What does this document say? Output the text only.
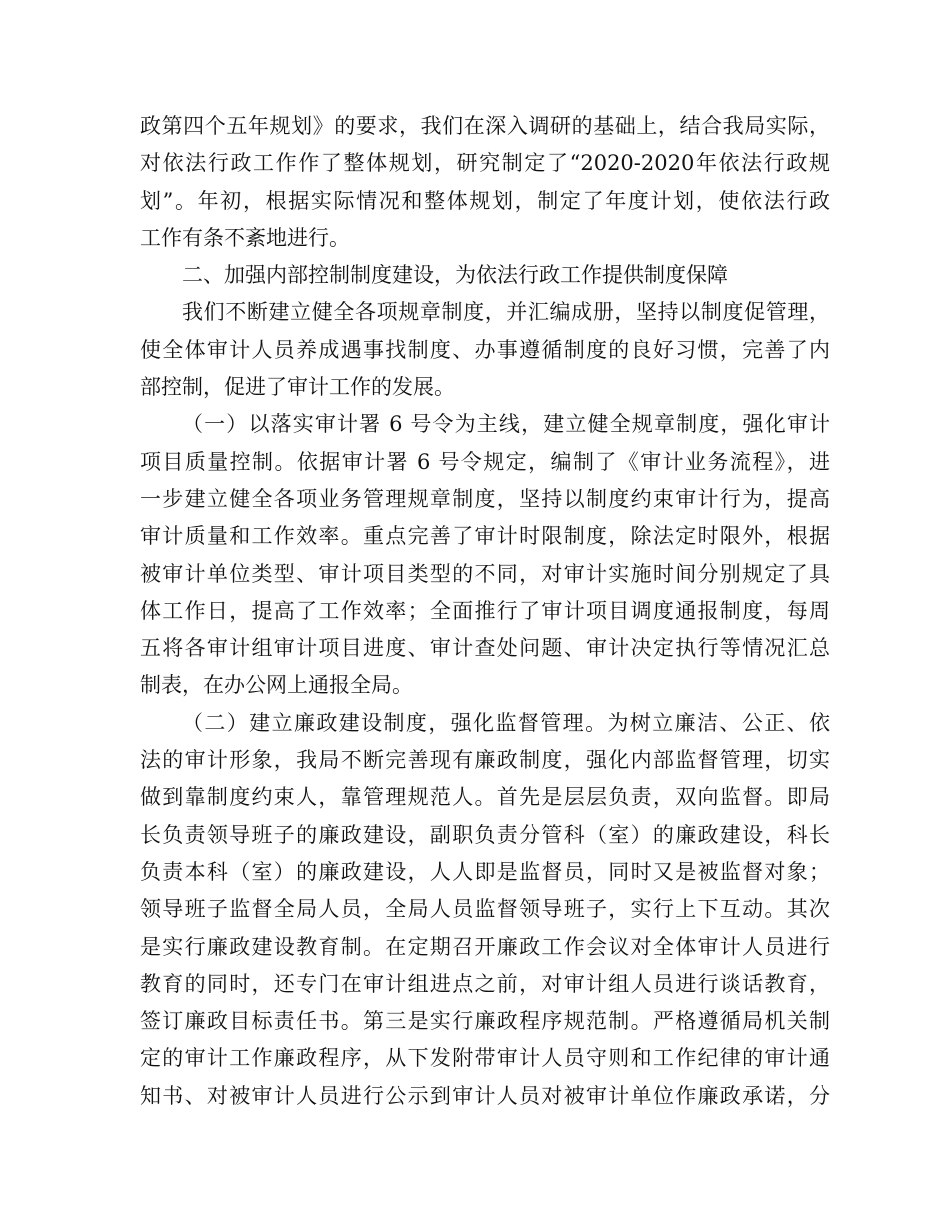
政第四个五年规划》的要求，我们在深入调研的基础上，结合我局实际，
对依法行政工作作了整体规划，研究制定了“2020-2020年依法行政规
划”。年初，根据实际情况和整体规划，制定了年度计划，使依法行政
工作有条不紊地进行。
二、加强内部控制制度建设，为依法行政工作提供制度保障
我们不断建立健全各项规章制度，并汇编成册，坚持以制度促管理，
使全体审计人员养成遇事找制度、办事遵循制度的良好习惯，完善了内
部控制，促进了审计工作的发展。
（一）以落实审计署 6 号令为主线，建立健全规章制度，强化审计
项目质量控制。依据审计署 6 号令规定，编制了《审计业务流程》，进
一步建立健全各项业务管理规章制度，坚持以制度约束审计行为，提高
审计质量和工作效率。重点完善了审计时限制度，除法定时限外，根据
被审计单位类型、审计项目类型的不同，对审计实施时间分别规定了具
体工作日，提高了工作效率；全面推行了审计项目调度通报制度，每周
五将各审计组审计项目进度、审计查处问题、审计决定执行等情况汇总
制表，在办公网上通报全局。
（二）建立廉政建设制度，强化监督管理。为树立廉洁、公正、依
法的审计形象，我局不断完善现有廉政制度，强化内部监督管理，切实
做到靠制度约束人，靠管理规范人。首先是层层负责，双向监督。即局
长负责领导班子的廉政建设，副职负责分管科（室）的廉政建设，科长
负责本科（室）的廉政建设，人人即是监督员，同时又是被监督对象；
领导班子监督全局人员，全局人员监督领导班子，实行上下互动。其次
是实行廉政建设教育制。在定期召开廉政工作会议对全体审计人员进行
教育的同时，还专门在审计组进点之前，对审计组人员进行谈话教育，
签订廉政目标责任书。第三是实行廉政程序规范制。严格遵循局机关制
定的审计工作廉政程序，从下发附带审计人员守则和工作纪律的审计通
知书、对被审计人员进行公示到审计人员对被审计单位作廉政承诺，分
